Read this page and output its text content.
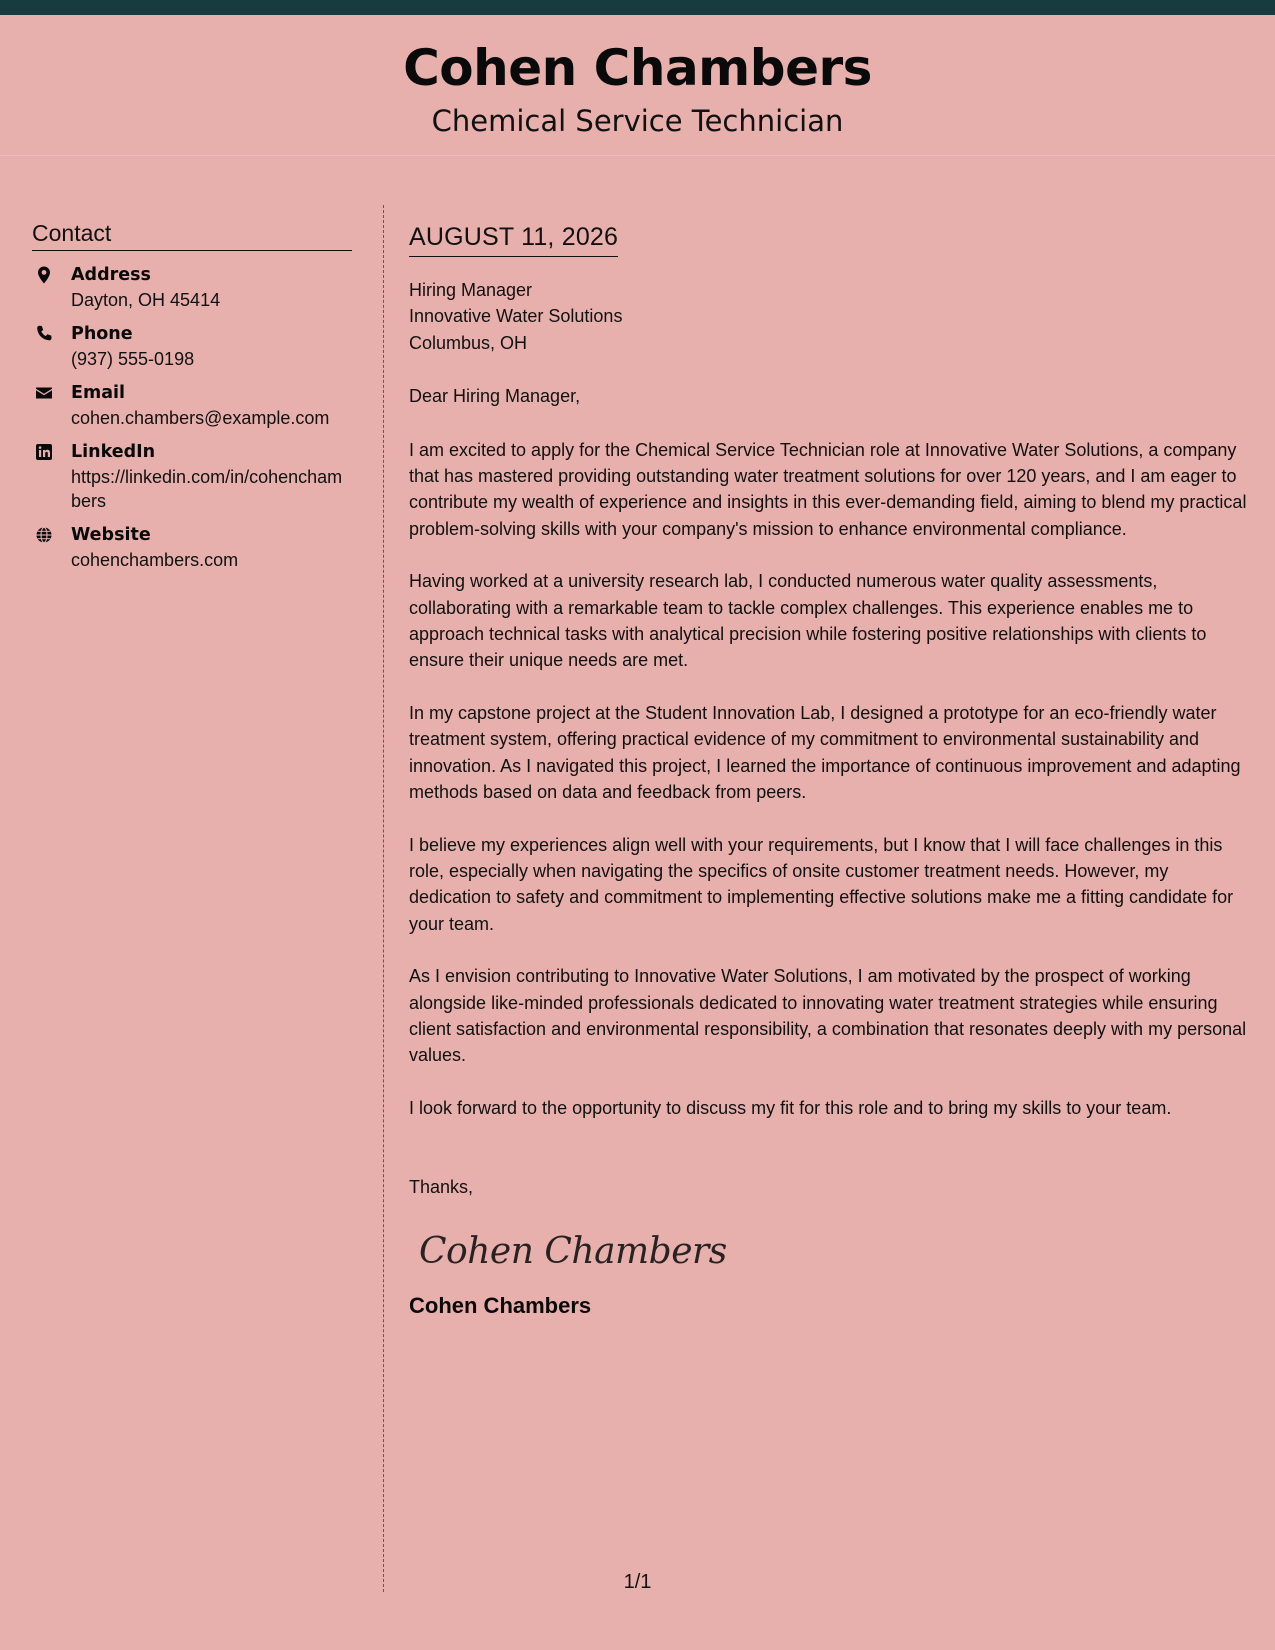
Cohen Chambers
Chemical Service Technician
Contact
Address
Dayton, OH 45414
Phone
(937) 555-0198
Email
cohen.chambers@example.com
LinkedIn
https://linkedin.com/in/cohenchambers
Website
cohenchambers.com
AUGUST 11, 2026
Hiring Manager
Innovative Water Solutions
Columbus, OH
Dear Hiring Manager,

I am excited to apply for the Chemical Service Technician role at Innovative Water Solutions, a company that has mastered providing outstanding water treatment solutions for over 120 years, and I am eager to contribute my wealth of experience and insights in this ever-demanding field, aiming to blend my practical problem-solving skills with your company's mission to enhance environmental compliance.

Having worked at a university research lab, I conducted numerous water quality assessments, collaborating with a remarkable team to tackle complex challenges. This experience enables me to approach technical tasks with analytical precision while fostering positive relationships with clients to ensure their unique needs are met.

In my capstone project at the Student Innovation Lab, I designed a prototype for an eco-friendly water treatment system, offering practical evidence of my commitment to environmental sustainability and innovation. As I navigated this project, I learned the importance of continuous improvement and adapting methods based on data and feedback from peers.

I believe my experiences align well with your requirements, but I know that I will face challenges in this role, especially when navigating the specifics of onsite customer treatment needs. However, my dedication to safety and commitment to implementing effective solutions make me a fitting candidate for your team.

As I envision contributing to Innovative Water Solutions, I am motivated by the prospect of working alongside like-minded professionals dedicated to innovating water treatment strategies while ensuring client satisfaction and environmental responsibility, a combination that resonates deeply with my personal values.

I look forward to the opportunity to discuss my fit for this role and to bring my skills to your team.

Thanks,
Cohen Chambers
Cohen Chambers
1/1
